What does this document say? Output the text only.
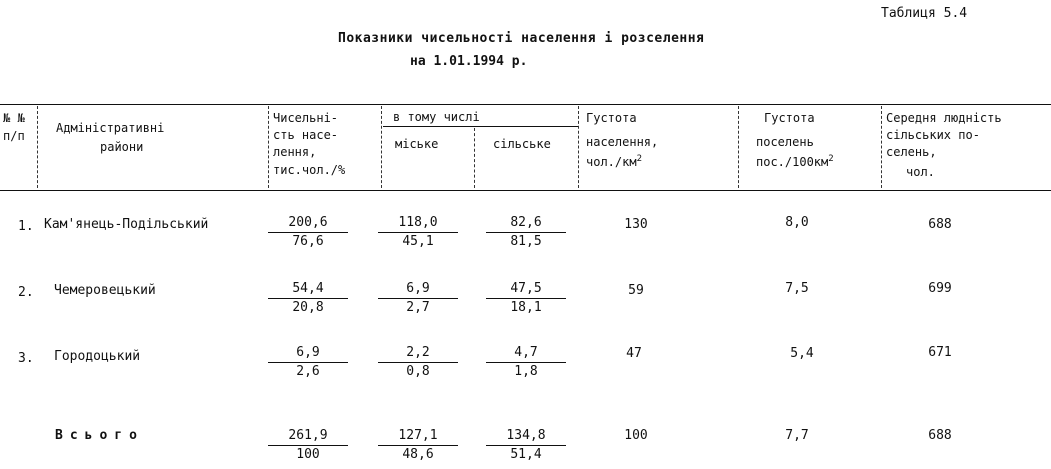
Таблиця 5.4
Показники чисельності населення і розселення
на 1.01.1994 р.
№ №
п/п
Адміністративні
райони
Чисельні-
сть насе-
лення,
тис.чол./%
в тому числі
міське	сільське
Густота
населення,
$чол./км^2$
Густота
поселень
$пос./100км^2$
Середня людність
сільських по-
селень,
чол.
1. Кам'янець-Подільський	$\frac{200,6}{76,6} \frac{118,0}{45,1} \frac{82,6}{81,5}$	130	8,0	688
2. Чемеровецький	$\frac{54,4}{20,8} \frac{6,9}{2,7} \frac{47,5}{18,1}$	59	7,5	699
3. Городоцький	$\frac{6,9}{2,6} \frac{2,2}{0,8} \frac{4,7}{1,8}$	47	5,4	671
Всього	$\frac{261,9}{100} \frac{127,1}{48,6} \frac{134,8}{51,4}$	100	7,7	688
